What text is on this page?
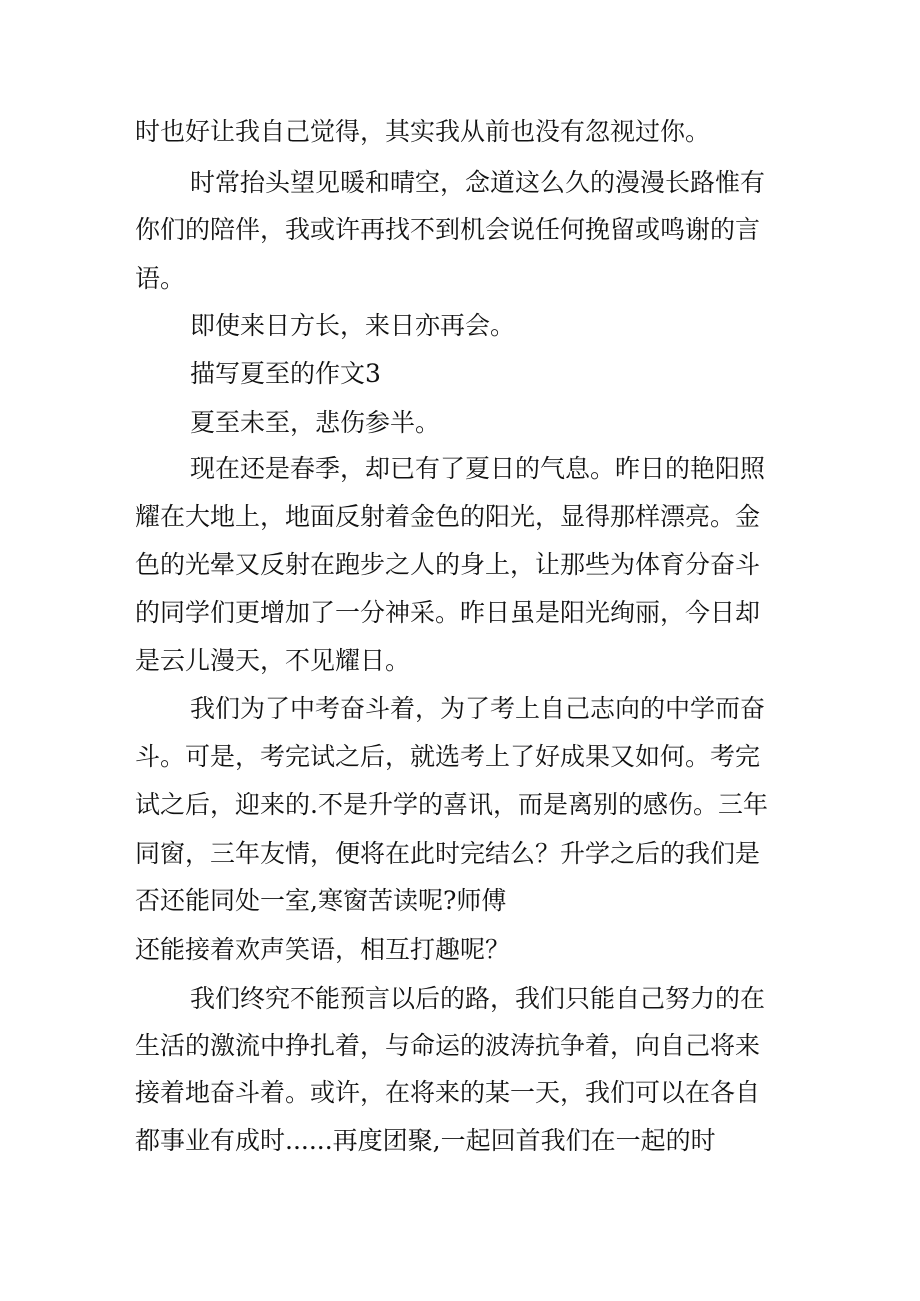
时也好让我自己觉得，其实我从前也没有忽视过你。
时常抬头望见暖和晴空，念道这么久的漫漫长路惟有
你们的陪伴，我或许再找不到机会说任何挽留或鸣谢的言
语。
即使来日方长，来日亦再会。
描写夏至的作文3
夏至未至，悲伤参半。
现在还是春季，却已有了夏日的气息。昨日的艳阳照
耀在大地上，地面反射着金色的阳光，显得那样漂亮。金
色的光晕又反射在跑步之人的身上，让那些为体育分奋斗
的同学们更增加了一分神采。昨日虽是阳光绚丽，今日却
是云儿漫天，不见耀日。
我们为了中考奋斗着，为了考上自己志向的中学而奋
斗。可是，考完试之后，就选考上了好成果又如何。考完
试之后，迎来的.不是升学的喜讯，而是离别的感伤。三年
同窗，三年友情，便将在此时完结么？升学之后的我们是
否还能同处一室,寒窗苦读呢?师傅
还能接着欢声笑语，相互打趣呢？
我们终究不能预言以后的路，我们只能自己努力的在
生活的激流中挣扎着，与命运的波涛抗争着，向自己将来
接着地奋斗着。或许，在将来的某一天，我们可以在各自
都事业有成时......再度团聚,一起回首我们在一起的时
